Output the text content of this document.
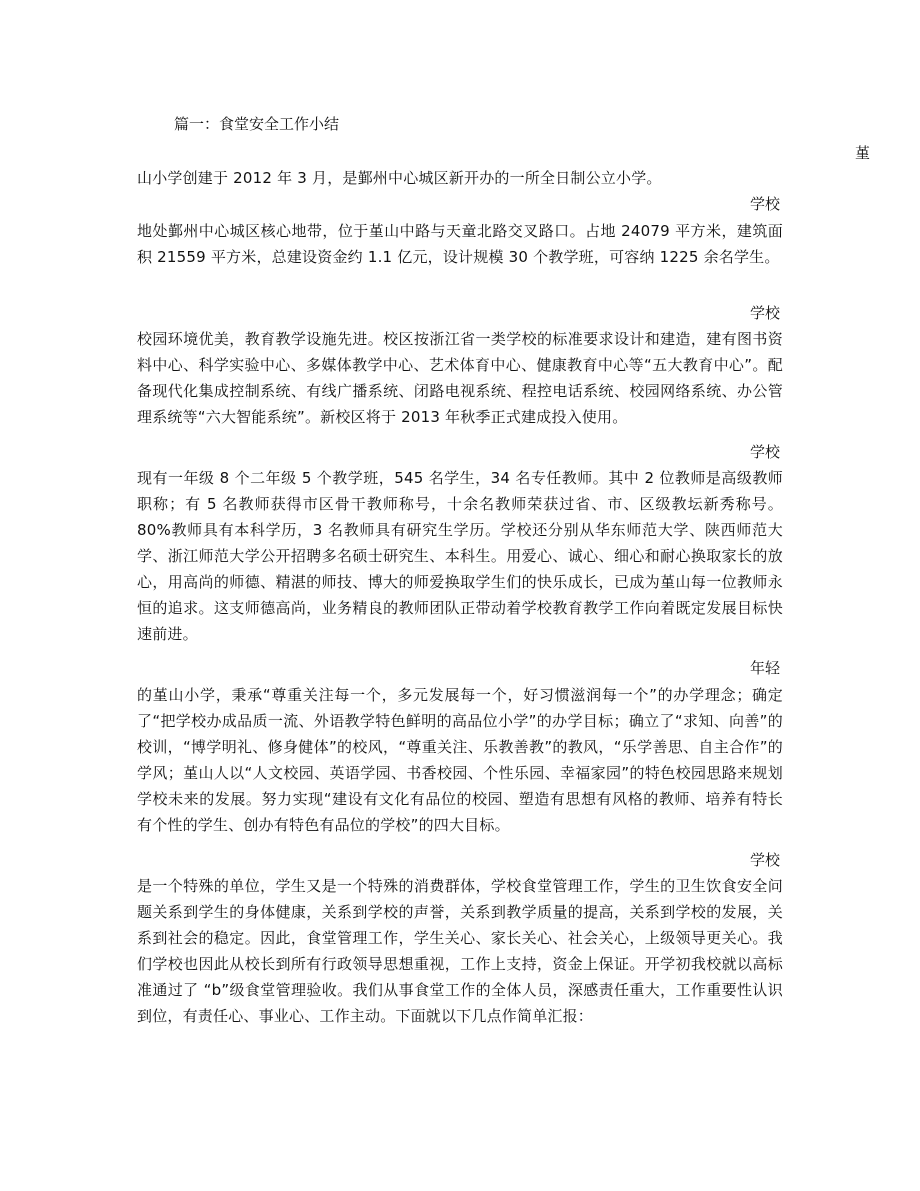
篇一：食堂安全工作小结
堇
山小学创建于 2012 年 3 月，是鄞州中心城区新开办的一所全日制公立小学。
学校
地处鄞州中心城区核心地带，位于堇山中路与天童北路交叉路口。占地 24079 平方米，建筑面积 21559 平方米，总建设资金约 1.1 亿元，设计规模 30 个教学班，可容纳 1225 余名学生。
学校
校园环境优美，教育教学设施先进。校区按浙江省一类学校的标准要求设计和建造，建有图书资料中心、科学实验中心、多媒体教学中心、艺术体育中心、健康教育中心等“五大教育中心”。配备现代化集成控制系统、有线广播系统、闭路电视系统、程控电话系统、校园网络系统、办公管理系统等“六大智能系统”。新校区将于 2013 年秋季正式建成投入使用。
学校
现有一年级 8 个二年级 5 个教学班，545 名学生，34 名专任教师。其中 2 位教师是高级教师职称；有 5 名教师获得市区骨干教师称号，十余名教师荣获过省、市、区级教坛新秀称号。80%教师具有本科学历，3 名教师具有研究生学历。学校还分别从华东师范大学、陕西师范大学、浙江师范大学公开招聘多名硕士研究生、本科生。用爱心、诚心、细心和耐心换取家长的放心，用高尚的师德、精湛的师技、博大的师爱换取学生们的快乐成长，已成为堇山每一位教师永恒的追求。这支师德高尚，业务精良的教师团队正带动着学校教育教学工作向着既定发展目标快速前进。
年轻
的堇山小学，秉承“尊重关注每一个，多元发展每一个，好习惯滋润每一个”的办学理念；确定了“把学校办成品质一流、外语教学特色鲜明的高品位小学”的办学目标；确立了“求知、向善”的校训，“博学明礼、修身健体”的校风，“尊重关注、乐教善教”的教风，“乐学善思、自主合作”的学风；堇山人以“人文校园、英语学园、书香校园、个性乐园、幸福家园”的特色校园思路来规划学校未来的发展。努力实现“建设有文化有品位的校园、塑造有思想有风格的教师、培养有特长有个性的学生、创办有特色有品位的学校”的四大目标。
学校
是一个特殊的单位，学生又是一个特殊的消费群体，学校食堂管理工作，学生的卫生饮食安全问题关系到学生的身体健康，关系到学校的声誉，关系到教学质量的提高，关系到学校的发展，关系到社会的稳定。因此，食堂管理工作，学生关心、家长关心、社会关心，上级领导更关心。我们学校也因此从校长到所有行政领导思想重视，工作上支持，资金上保证。开学初我校就以高标准通过了 “b”级食堂管理验收。我们从事食堂工作的全体人员，深感责任重大，工作重要性认识到位，有责任心、事业心、工作主动。下面就以下几点作简单汇报：
